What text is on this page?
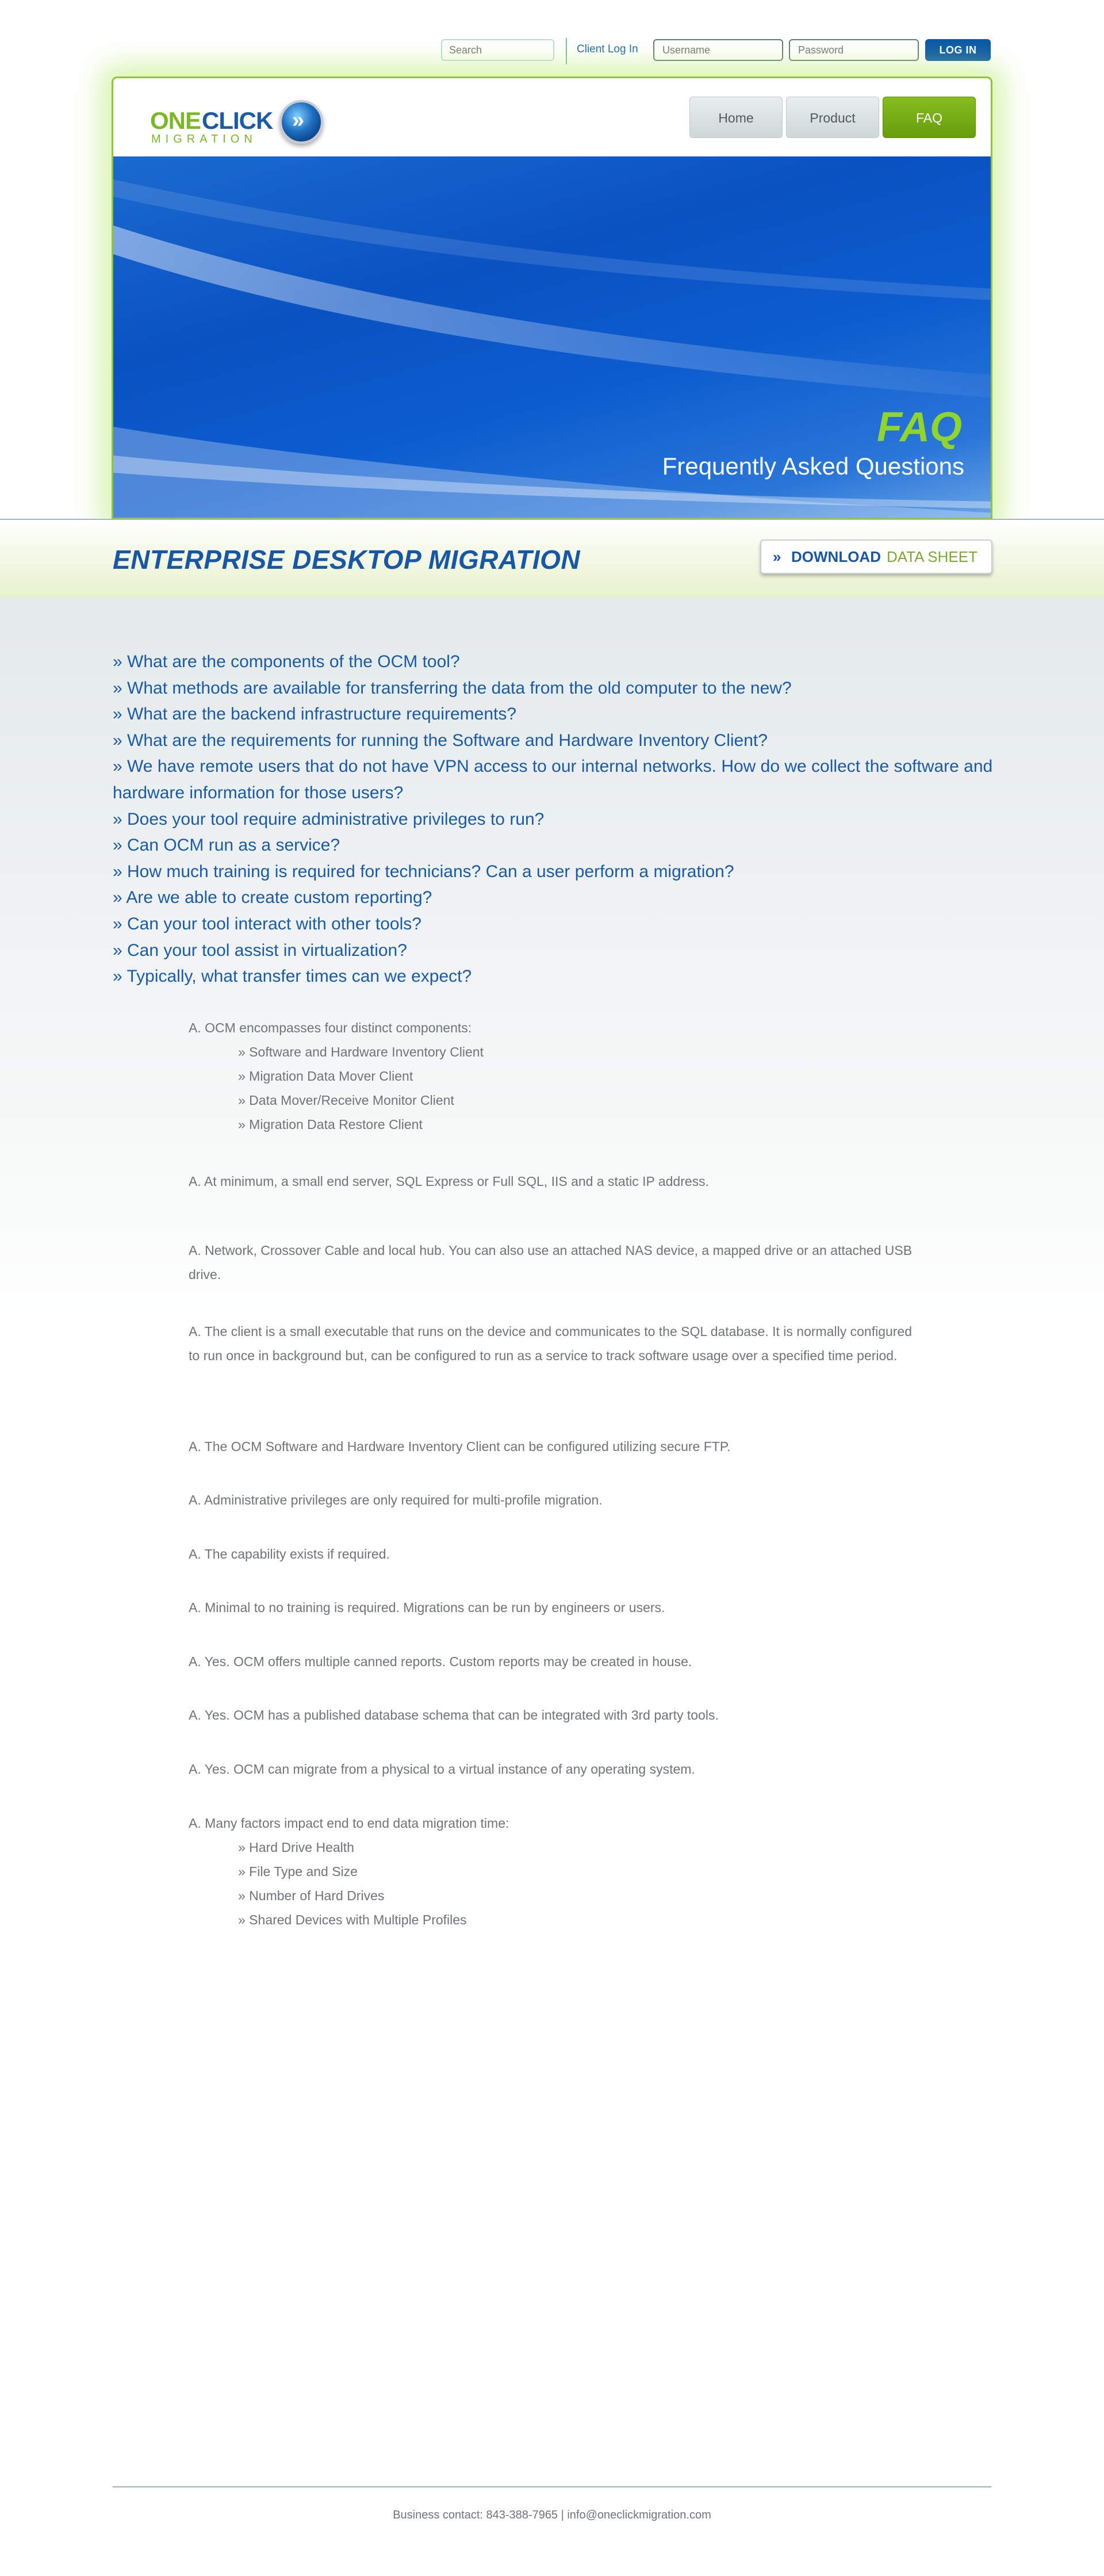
Search
Client Log In
Username	LOG IN
ONE CLICK
MIGRATION
»	Home	Product	FAQ
FAQ
Frequently Asked Questions
ENTERPRISE DESKTOP MIGRATION	» DOWNLOAD DATA SHEET
» What are the components of the OCM tool?
» What methods are available for transferring the data from the old computer to the new?
» What are the backend infrastructure requirements?
» What are the requirements for running the Software and Hardware Inventory Client?
» We have remote users that do not have VPN access to our internal networks. How do we collect the software and hardware information for those users?
» Does your tool require administrative privileges to run?
» Can OCM run as a service?
» How much training is required for technicians? Can a user perform a migration?
» Are we able to create custom reporting?
» Can your tool interact with other tools?
» Can your tool assist in virtualization?
» Typically, what transfer times can we expect?
A. OCM encompasses four distinct components:
» Software and Hardware Inventory Client
» Migration Data Mover Client
» Data Mover/Receive Monitor Client
» Migration Data Restore Client
A. At minimum, a small end server, SQL Express or Full SQL, IIS and a static IP address.
A. Network, Crossover Cable and local hub. You can also use an attached NAS device, a mapped drive or an attached USB drive.
A. The client is a small executable that runs on the device and communicates to the SQL database. It is normally configured to run once in background but, can be configured to run as a service to track software usage over a specified time period.
A. The OCM Software and Hardware Inventory Client can be configured utilizing secure FTP.
A. Administrative privileges are only required for multi-profile migration.
A. The capability exists if required.
A. Minimal to no training is required. Migrations can be run by engineers or users.
A. Yes. OCM offers multiple canned reports. Custom reports may be created in house.
A. Yes. OCM has a published database schema that can be integrated with 3rd party tools.
A. Yes. OCM can migrate from a physical to a virtual instance of any operating system.
A. Many factors impact end to end data migration time:
» Hard Drive Health
» File Type and Size
» Number of Hard Drives
» Shared Devices with Multiple Profiles
Business contact: 843-388-7965 | info@oneclickmigration.com
